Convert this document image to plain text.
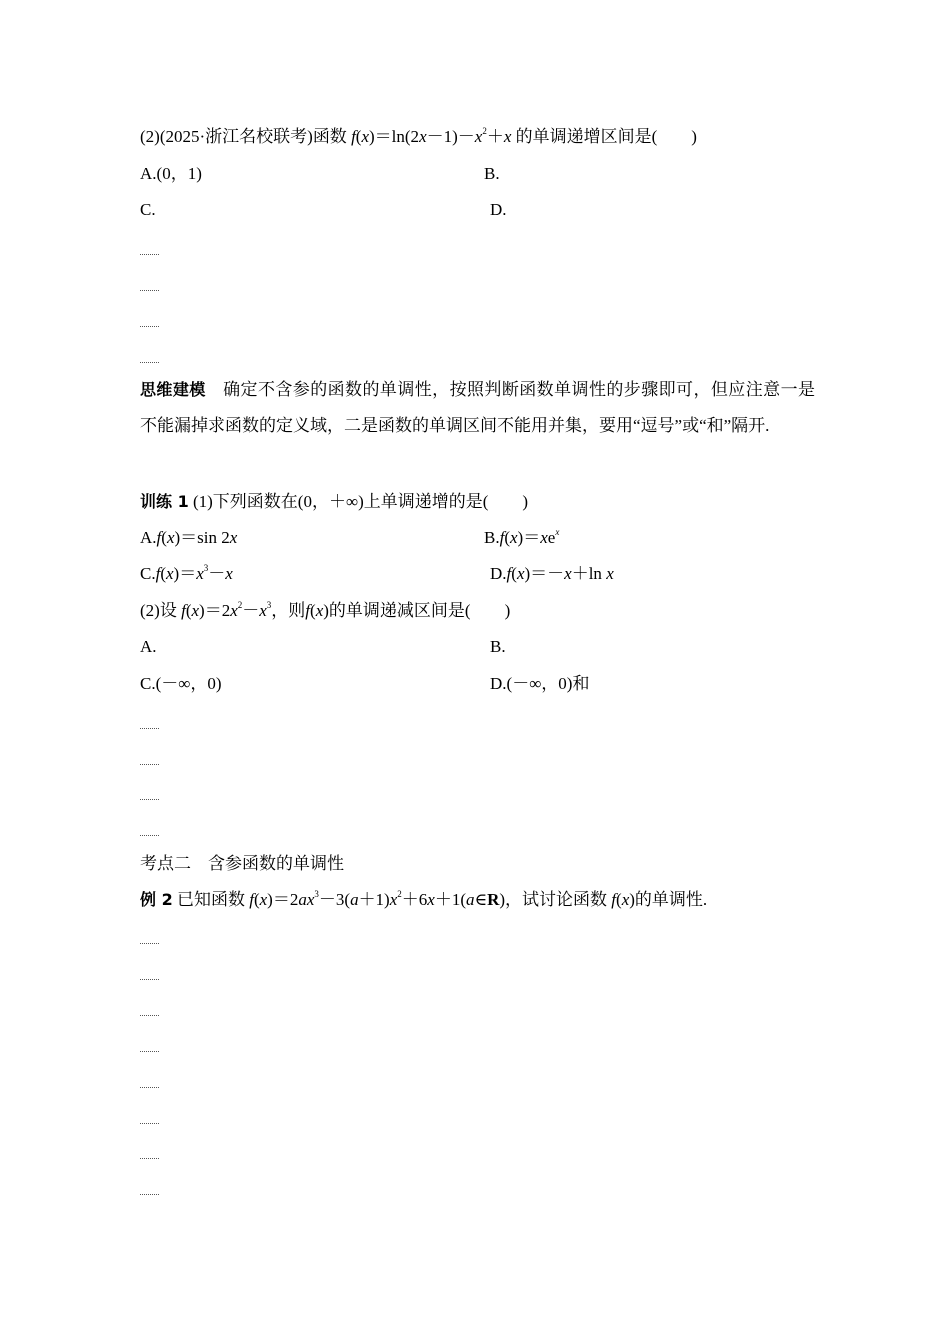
(2)(2025·浙江名校联考)函数 $f(x)=\ln(2x-1)-x^2+x$ 的单调递增区间是(　　)
A.(0，1)	B.
C.	D.
思维建模　 确定不含参的函数的单调性，按照判断函数单调性的步骤即可，但应注意一是不能漏掉求函数的定义域，二是函数的单调区间不能用并集，要用“逗号”或“和”隔开.
训练 1 (1)下列函数在(0，＋∞)上单调递增的是(　　)
A.f(x)＝sin 2x	$B.f(x)=xe^x$
$C.f(x)=x^3-x$	D.f(x)＝－x＋ln x
(2)设 $f(x)=2x^2-x^3$，则f(x)的单调递减区间是(　　)
A.	B.
C.(－∞，0)	D.(－∞，0)和
考点二　含参函数的单调性
例 2 已知函数 $f(x)=2ax^3-3(a+1)x^2+6x+1(a\in R)$，试讨论函数 f(x)的单调性.
